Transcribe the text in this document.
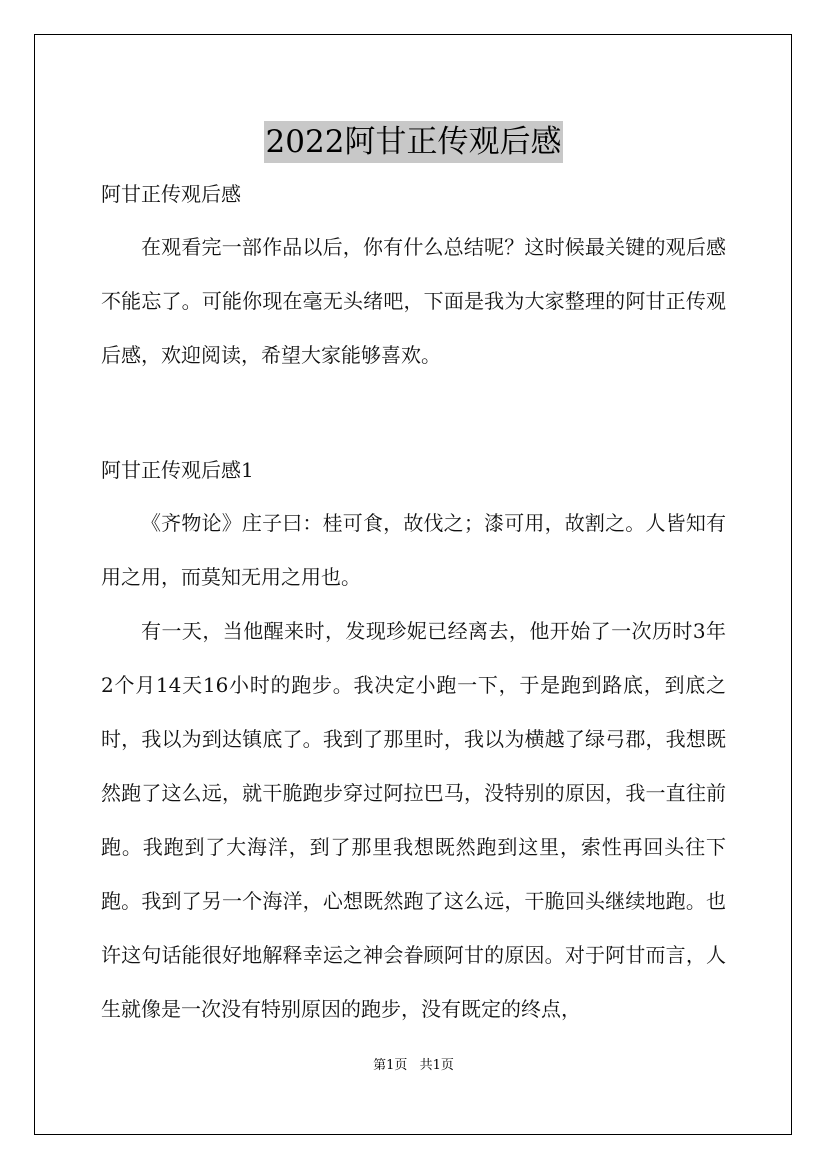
2022阿甘正传观后感

阿甘正传观后感

在观看完一部作品以后，你有什么总结呢？这时候最关键的观后感不能忘了。可能你现在毫无头绪吧，下面是我为大家整理的阿甘正传观后感，欢迎阅读，希望大家能够喜欢。

阿甘正传观后感1

《齐物论》庄子曰：桂可食，故伐之；漆可用，故割之。人皆知有用之用，而莫知无用之用也。

有一天，当他醒来时，发现珍妮已经离去，他开始了一次历时3年2个月14天16小时的跑步。我决定小跑一下，于是跑到路底，到底之时，我以为到达镇底了。我到了那里时，我以为横越了绿弓郡，我想既然跑了这么远，就干脆跑步穿过阿拉巴马，没特别的原因，我一直往前跑。我跑到了大海洋，到了那里我想既然跑到这里，索性再回头往下跑。我到了另一个海洋，心想既然跑了这么远，干脆回头继续地跑。也许这句话能很好地解释幸运之神会眷顾阿甘的原因。对于阿甘而言，人生就像是一次没有特别原因的跑步，没有既定的终点，

第1页 共1页
